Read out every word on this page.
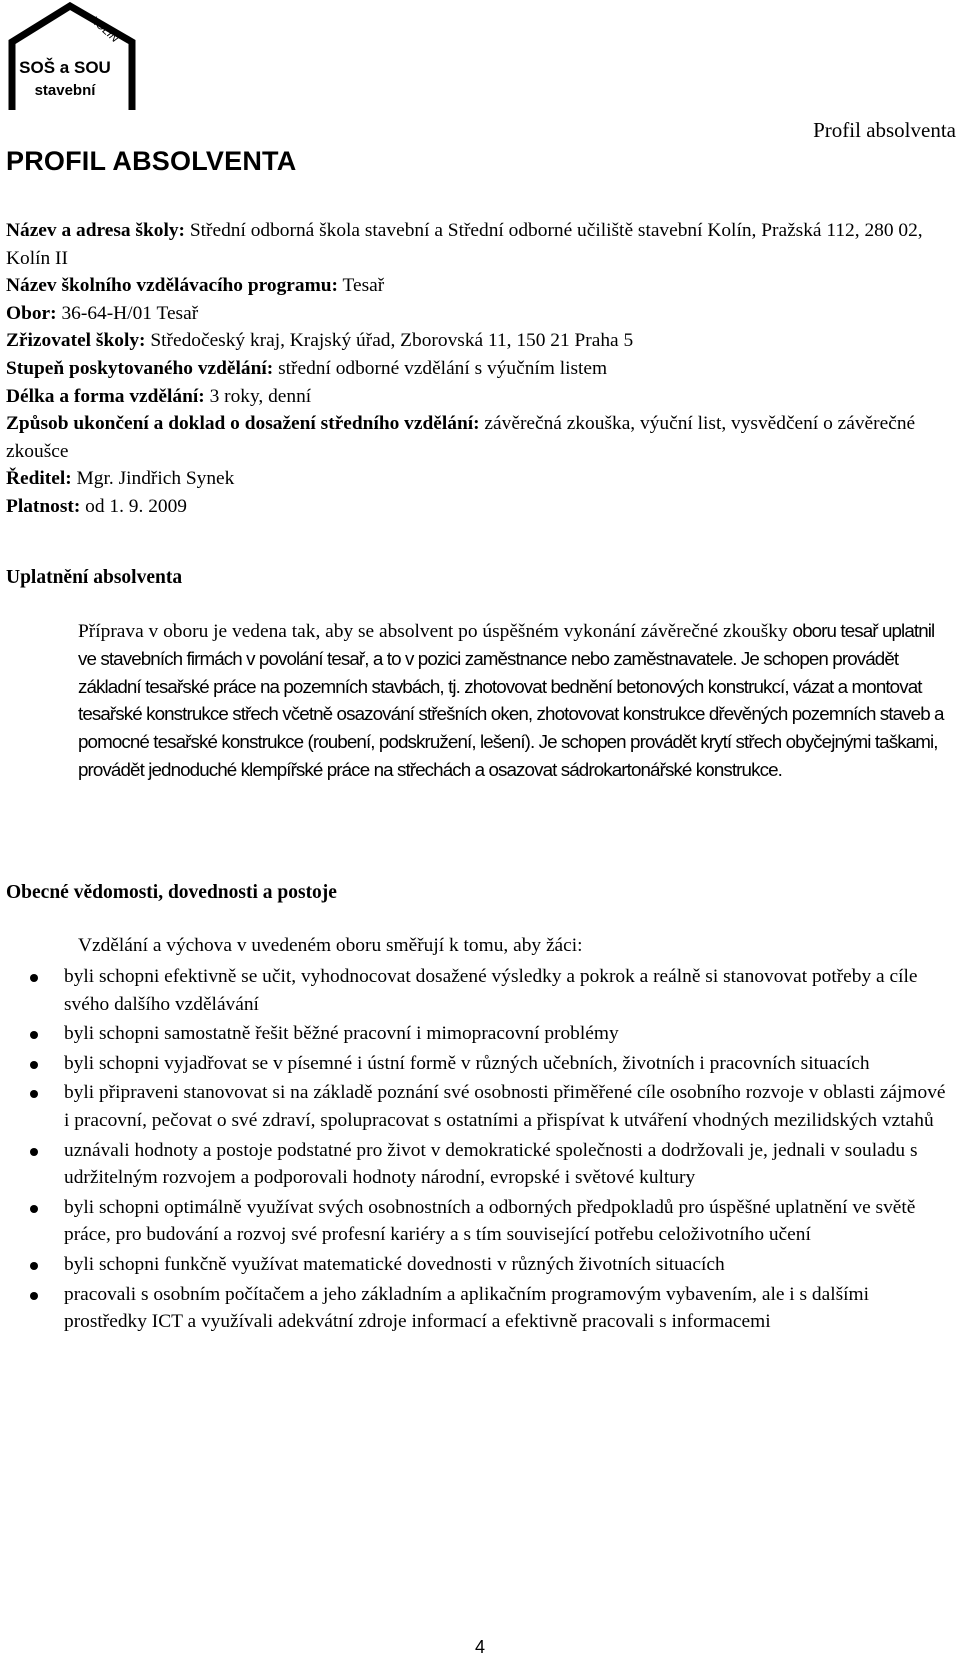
KOLÍN
SOŠ a SOU
stavební
Profil absolventa
PROFIL ABSOLVENTA

Název a adresa školy: Střední odborná škola stavební a Střední odborné učiliště stavební Kolín, Pražská 112, 280 02, Kolín II

Název školního vzdělávacího programu: Tesař

Obor: 36-64-H/01 Tesař

Zřizovatel školy: Středočeský kraj, Krajský úřad, Zborovská 11, 150 21 Praha 5

Stupeň poskytovaného vzdělání: střední odborné vzdělání s výučním listem

Délka a forma vzdělání: 3 roky, denní

Způsob ukončení a doklad o dosažení středního vzdělání: závěrečná zkouška, výuční list, vysvědčení o závěrečné zkoušce

Ředitel: Mgr. Jindřich Synek

Platnost: od 1. 9. 2009

Uplatnění absolventa

Příprava v oboru je vedena tak, aby se absolvent po úspěšném vykonání závěrečné zkoušky oboru tesař uplatnil ve stavebních firmách v povolání tesař, a to v pozici zaměstnance nebo zaměstnavatele. Je schopen provádět základní tesařské práce na pozemních stavbách, tj. zhotovovat bednění betonových konstrukcí, vázat a montovat tesařské konstrukce střech včetně osazování střešních oken, zhotovovat konstrukce dřevěných pozemních staveb a pomocné tesařské konstrukce (roubení, podskružení, lešení). Je schopen provádět krytí střech obyčejnými taškami, provádět jednoduché klempířské práce na střechách a osazovat sádrokartonářské konstrukce.

Obecné vědomosti, dovednosti a postoje
Vzdělání a výchova v uvedeném oboru směřují k tomu, aby žáci:
byli schopni efektivně se učit, vyhodnocovat dosažené výsledky a pokrok a reálně si stanovovat potřeby a cíle svého dalšího vzdělávání
byli schopni samostatně řešit běžné pracovní i mimopracovní problémy
byli schopni vyjadřovat se v písemné i ústní formě v různých učebních, životních i pracovních situacích
byli připraveni stanovovat si na základě poznání své osobnosti přiměřené cíle osobního rozvoje v oblasti zájmové i pracovní, pečovat o své zdraví, spolupracovat s ostatními a přispívat k utváření vhodných mezilidských vztahů
uznávali hodnoty a postoje podstatné pro život v demokratické společnosti a dodržovali je, jednali v souladu s udržitelným rozvojem a podporovali hodnoty národní, evropské i světové kultury
byli schopni optimálně využívat svých osobnostních a odborných předpokladů pro úspěšné uplatnění ve světě práce, pro budování a rozvoj své profesní kariéry a s tím související potřebu celoživotního učení
byli schopni funkčně využívat matematické dovednosti v různých životních situacích
pracovali s osobním počítačem a jeho základním a aplikačním programovým vybavením, ale i s dalšími prostředky ICT a využívali adekvátní zdroje informací a efektivně pracovali s informacemi
4
